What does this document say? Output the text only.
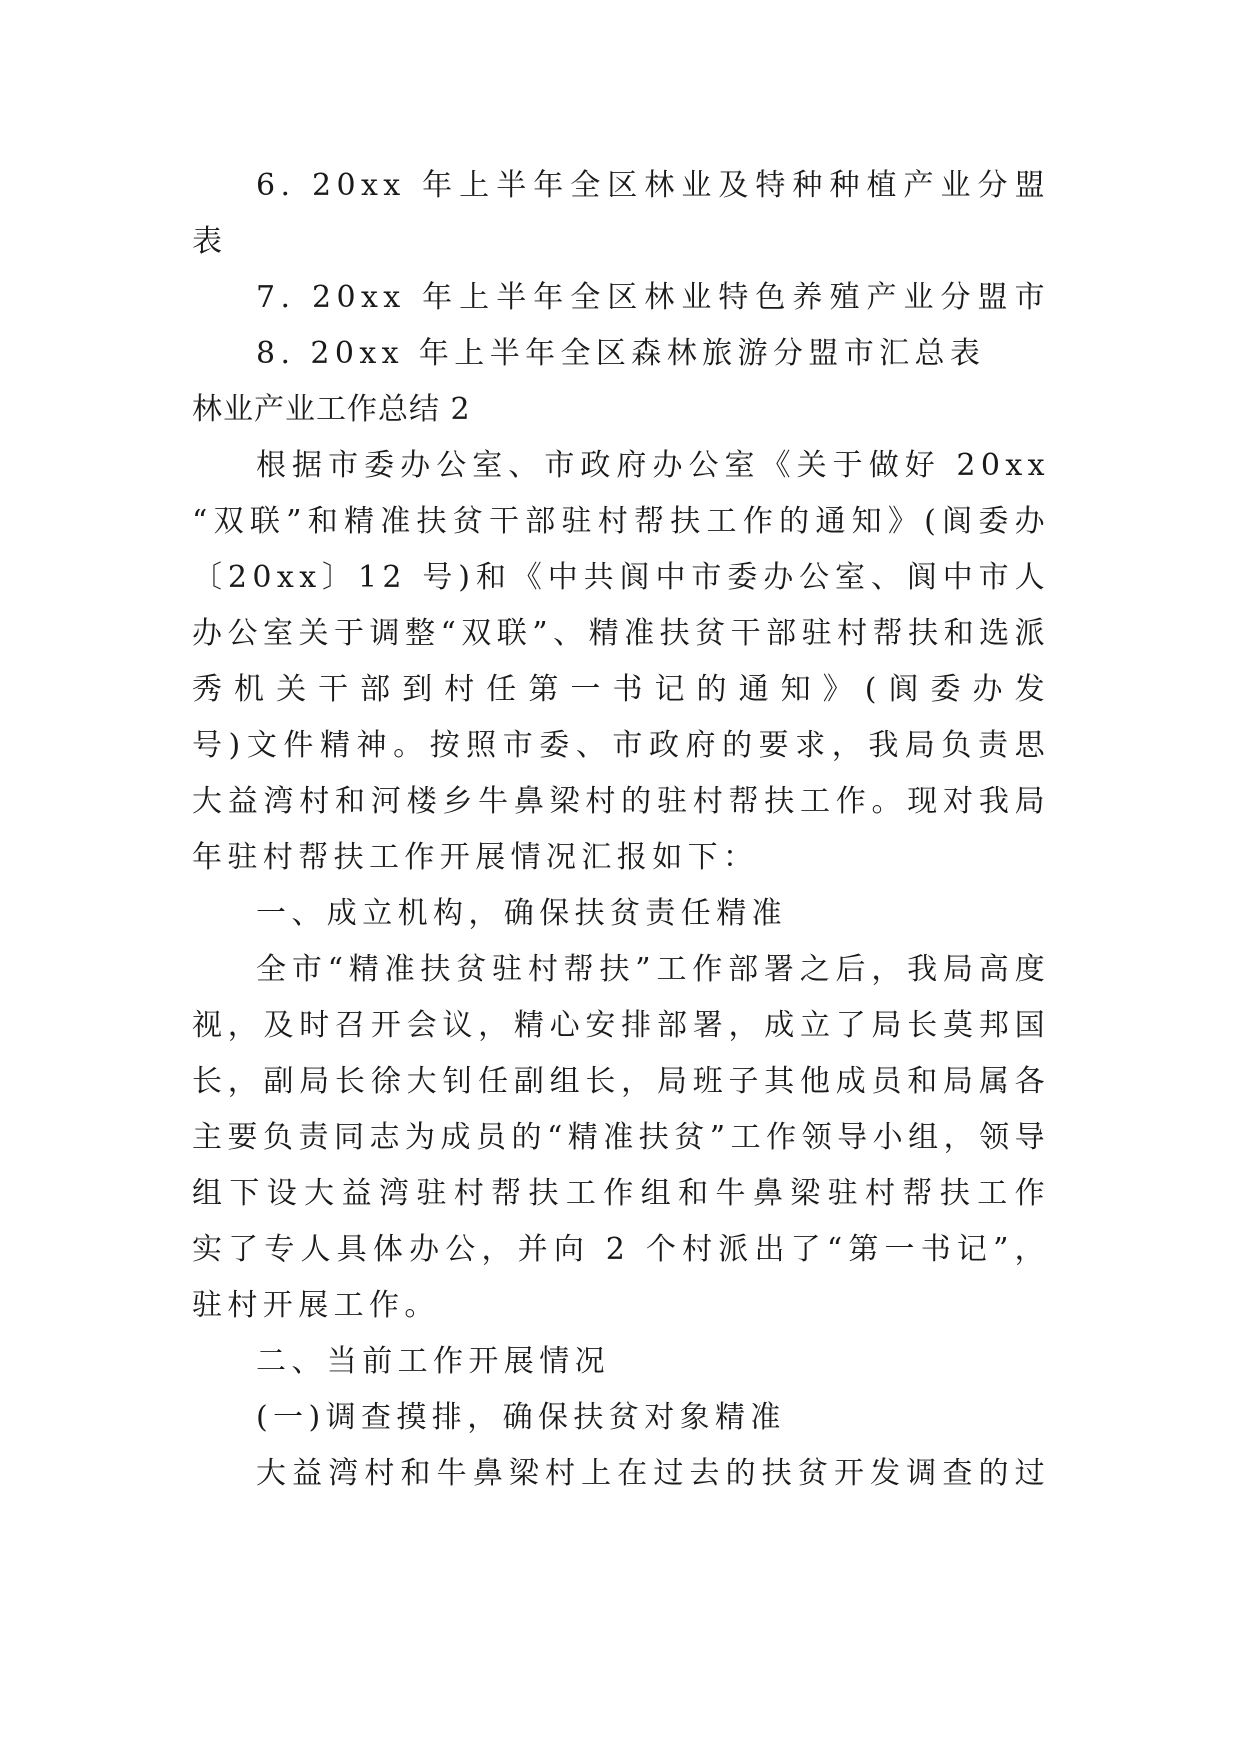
6. 20xx 年上半年全区林业及特种种植产业分盟
表
7. 20xx 年上半年全区林业特色养殖产业分盟市
8. 20xx 年上半年全区森林旅游分盟市汇总表
林业产业工作总结 2
根据市委办公室、市政府办公室《关于做好 20xx
“双联”和精准扶贫干部驻村帮扶工作的通知》(阆委办
〔20xx〕12 号)和《中共阆中市委办公室、阆中市人
办公室关于调整“双联”、精准扶贫干部驻村帮扶和选派
秀机关干部到村任第一书记的通知》(阆委办发
号)文件精神。按照市委、市政府的要求，我局负责思
大益湾村和河楼乡牛鼻梁村的驻村帮扶工作。现对我局
年驻村帮扶工作开展情况汇报如下：
一、成立机构，确保扶贫责任精准
全市“精准扶贫驻村帮扶”工作部署之后，我局高度
视，及时召开会议，精心安排部署，成立了局长莫邦国
长，副局长徐大钊任副组长，局班子其他成员和局属各
主要负责同志为成员的“精准扶贫”工作领导小组，领导
组下设大益湾驻村帮扶工作组和牛鼻梁驻村帮扶工作
实了专人具体办公，并向 2 个村派出了“第一书记”，
驻村开展工作。
二、当前工作开展情况
(一)调查摸排，确保扶贫对象精准
大益湾村和牛鼻梁村上在过去的扶贫开发调查的过
